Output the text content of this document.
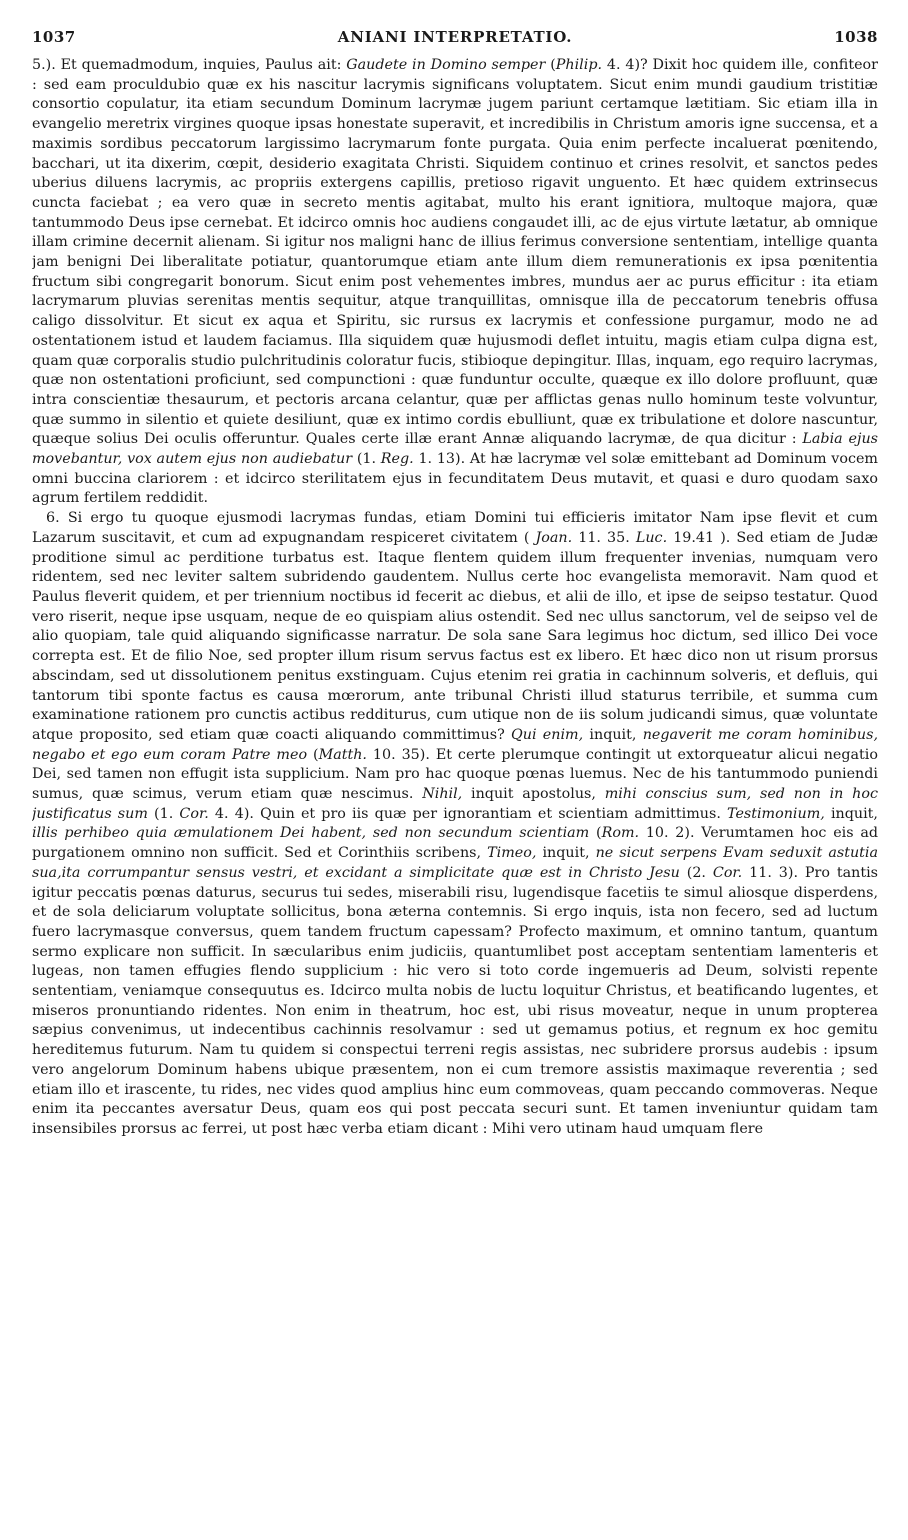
1037	ANIANI INTERPRETATIO.	1038

5.). Et quemadmodum, inquies, Paulus ait: Gaudete in Domino semper (Philip. 4. 4)? Dixit hoc quidem ille, confiteor : sed eam proculdubio quæ ex his nascitur lacrymis significans voluptatem. Sicut enim mundi gaudium tristitiæ consortio copulatur, ita etiam secundum Dominum lacrymæ jugem pariunt certamque lætitiam. Sic etiam illa in evangelio meretrix virgines quoque ipsas honestate superavit, et incredibilis in Christum amoris igne succensa, et a maximis sordibus peccatorum largissimo lacrymarum fonte purgata. Quia enim perfecte incaluerat pœnitendo, bacchari, ut ita dixerim, cœpit, desiderio exagitata Christi. Siquidem continuo et crines resolvit, et sanctos pedes uberius diluens lacrymis, ac propriis extergens capillis, pretioso rigavit unguento. Et hæc quidem extrinsecus cuncta faciebat ; ea vero quæ in secreto mentis agitabat, multo his erant ignitiora, multoque majora, quæ tantummodo Deus ipse cernebat. Et idcirco omnis hoc audiens congaudet illi, ac de ejus virtute lætatur, ab omnique illam crimine decernit alienam. Si igitur nos maligni hanc de illius ferimus conversione sententiam, intellige quanta jam benigni Dei liberalitate potiatur, quantorumque etiam ante illum diem remunerationis ex ipsa pœnitentia fructum sibi congregarit bonorum. Sicut enim post vehementes imbres, mundus aer ac purus efficitur : ita etiam lacrymarum pluvias serenitas mentis sequitur, atque tranquillitas, omnisque illa de peccatorum tenebris offusa caligo dissolvitur. Et sicut ex aqua et Spiritu, sic rursus ex lacrymis et confessione purgamur, modo ne ad ostentationem istud et laudem faciamus. Illa siquidem quæ hujusmodi deflet intuitu, magis etiam culpa digna est, quam quæ corporalis studio pulchritudinis coloratur fucis, stibioque depingitur. Illas, inquam, ego requiro lacrymas, quæ non ostentationi proficiunt, sed compunctioni : quæ funduntur occulte, quæque ex illo dolore profluunt, quæ intra conscientiæ thesaurum, et pectoris arcana celantur, quæ per afflictas genas nullo hominum teste volvuntur, quæ summo in silentio et quiete desiliunt, quæ ex intimo cordis ebulliunt, quæ ex tribulatione et dolore nascuntur, quæque solius Dei oculis offeruntur. Quales certe illæ erant Annæ aliquando lacrymæ, de qua dicitur : Labia ejus movebantur, vox autem ejus non audiebatur (1. Reg. 1. 13). At hæ lacrymæ vel solæ emittebant ad Dominum vocem omni buccina clariorem : et idcirco sterilitatem ejus in fecunditatem Deus mutavit, et quasi e duro quodam saxo agrum fertilem reddidit.

6. Si ergo tu quoque ejusmodi lacrymas fundas, etiam Domini tui efficieris imitator Nam ipse flevit et cum Lazarum suscitavit, et cum ad expugnandam respiceret civitatem ( Joan. 11. 35. Luc. 19.41 ). Sed etiam de Judæ proditione simul ac perditione turbatus est. Itaque flentem quidem illum frequenter invenias, numquam vero ridentem, sed nec leviter saltem subridendo gaudentem. Nullus certe hoc evangelista memoravit. Nam quod et Paulus fleverit quidem, et per triennium noctibus id fecerit ac diebus, et alii de illo, et ipse de seipso testatur. Quod vero riserit, neque ipse usquam, neque de eo quispiam alius ostendit. Sed nec ullus sanctorum, vel de seipso vel de alio quopiam, tale quid aliquando significasse narratur. De sola sane Sara legimus hoc dictum, sed illico Dei voce correpta est. Et de filio Noe, sed propter illum risum servus factus est ex libero. Et hæc dico non ut risum prorsus abscindam, sed ut dissolutionem penitus exstinguam. Cujus etenim rei gratia in cachinnum solveris, et defluis, qui tantorum tibi sponte factus es causa mœrorum, ante tribunal Christi illud staturus terribile, et summa cum examinatione rationem pro cunctis actibus redditurus, cum utique non de iis solum judicandi simus, quæ voluntate atque proposito, sed etiam quæ coacti aliquando committimus? Qui enim, inquit, negaverit me coram hominibus, negabo et ego eum coram Patre meo (Matth. 10. 35). Et certe plerumque contingit ut extorqueatur alicui negatio Dei, sed tamen non effugit ista supplicium. Nam pro hac quoque pœnas luemus. Nec de his tantummodo puniendi sumus, quæ scimus, verum etiam quæ nescimus. Nihil, inquit apostolus, mihi conscius sum, sed non in hoc justificatus sum (1. Cor. 4. 4). Quin et pro iis quæ per ignorantiam et scientiam admittimus. Testimonium, inquit, illis perhibeo quia æmulationem Dei habent, sed non secundum scientiam (Rom. 10. 2). Verumtamen hoc eis ad purgationem omnino non sufficit. Sed et Corinthiis scribens, Timeo, inquit, ne sicut serpens Evam seduxit astutia sua,ita corrumpantur sensus vestri, et excidant a simplicitate quæ est in Christo Jesu (2. Cor. 11. 3). Pro tantis igitur peccatis pœnas daturus, securus tui sedes, miserabili risu, lugendisque facetiis te simul aliosque disperdens, et de sola deliciarum voluptate sollicitus, bona æterna contemnis. Si ergo inquis, ista non fecero, sed ad luctum fuero lacrymasque conversus, quem tandem fructum capessam? Profecto maximum, et omnino tantum, quantum sermo explicare non sufficit. In sæcularibus enim judiciis, quantumlibet post acceptam sententiam lamenteris et lugeas, non tamen effugies flendo supplicium : hic vero si toto corde ingemueris ad Deum, solvisti repente sententiam, veniamque consequutus es. Idcirco multa nobis de luctu loquitur Christus, et beatificando lugentes, et miseros pronuntiando ridentes. Non enim in theatrum, hoc est, ubi risus moveatur, neque in unum propterea sæpius convenimus, ut indecentibus cachinnis resolvamur : sed ut gemamus potius, et regnum ex hoc gemitu hereditemus futurum. Nam tu quidem si conspectui terreni regis assistas, nec subridere prorsus audebis : ipsum vero angelorum Dominum habens ubique præsentem, non ei cum tremore assistis maximaque reverentia ; sed etiam illo et irascente, tu rides, nec vides quod amplius hinc eum commoveas, quam peccando commoveras. Neque enim ita peccantes aversatur Deus, quam eos qui post peccata securi sunt. Et tamen inveniuntur quidam tam insensibiles prorsus ac ferrei, ut post hæc verba etiam dicant : Mihi vero utinam haud umquam flere
